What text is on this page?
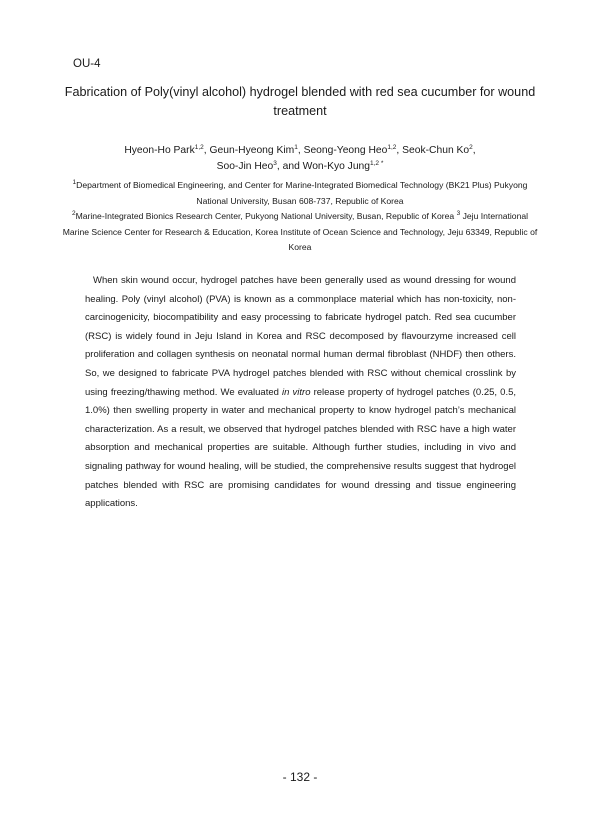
OU-4
Fabrication of Poly(vinyl alcohol) hydrogel blended with red sea cucumber for wound treatment
Hyeon-Ho Park$^{1,2}$, Geun-Hyeong Kim$^1$, Seong-Yeong Heo$^{1,2}$, Seok-Chun Ko$^2$,
Soo-Jin Heo$^3$, and Won-Kyo Jung$^{1,2 *}$

$^1$Department of Biomedical Engineering, and Center for Marine-Integrated Biomedical Technology (BK21 Plus) Pukyong National University, Busan 608-737, Republic of Korea

$^2$Marine-Integrated Bionics Research Center, Pukyong National University, Busan, Republic of Korea $^3$ Jeju International Marine Science Center for Research & Education, Korea Institute of Ocean Science and Technology, Jeju 63349, Republic of Korea

When skin wound occur, hydrogel patches have been generally used as wound dressing for wound healing. Poly (vinyl alcohol) (PVA) is known as a commonplace material which has non-toxicity, non-carcinogenicity, biocompatibility and easy processing to fabricate hydrogel patch. Red sea cucumber (RSC) is widely found in Jeju Island in Korea and RSC decomposed by flavourzyme increased cell proliferation and collagen synthesis on neonatal normal human dermal fibroblast (NHDF) then others. So, we designed to fabricate PVA hydrogel patches blended with RSC without chemical crosslink by using freezing/thawing method. We evaluated in vitro release property of hydrogel patches (0.25, 0.5, 1.0%) then swelling property in water and mechanical property to know hydrogel patch’s mechanical characterization. As a result, we observed that hydrogel patches blended with RSC have a high water absorption and mechanical properties are suitable. Although further studies, including in vivo and signaling pathway for wound healing, will be studied, the comprehensive results suggest that hydrogel patches blended with RSC are promising candidates for wound dressing and tissue engineering applications.

- 132 -
